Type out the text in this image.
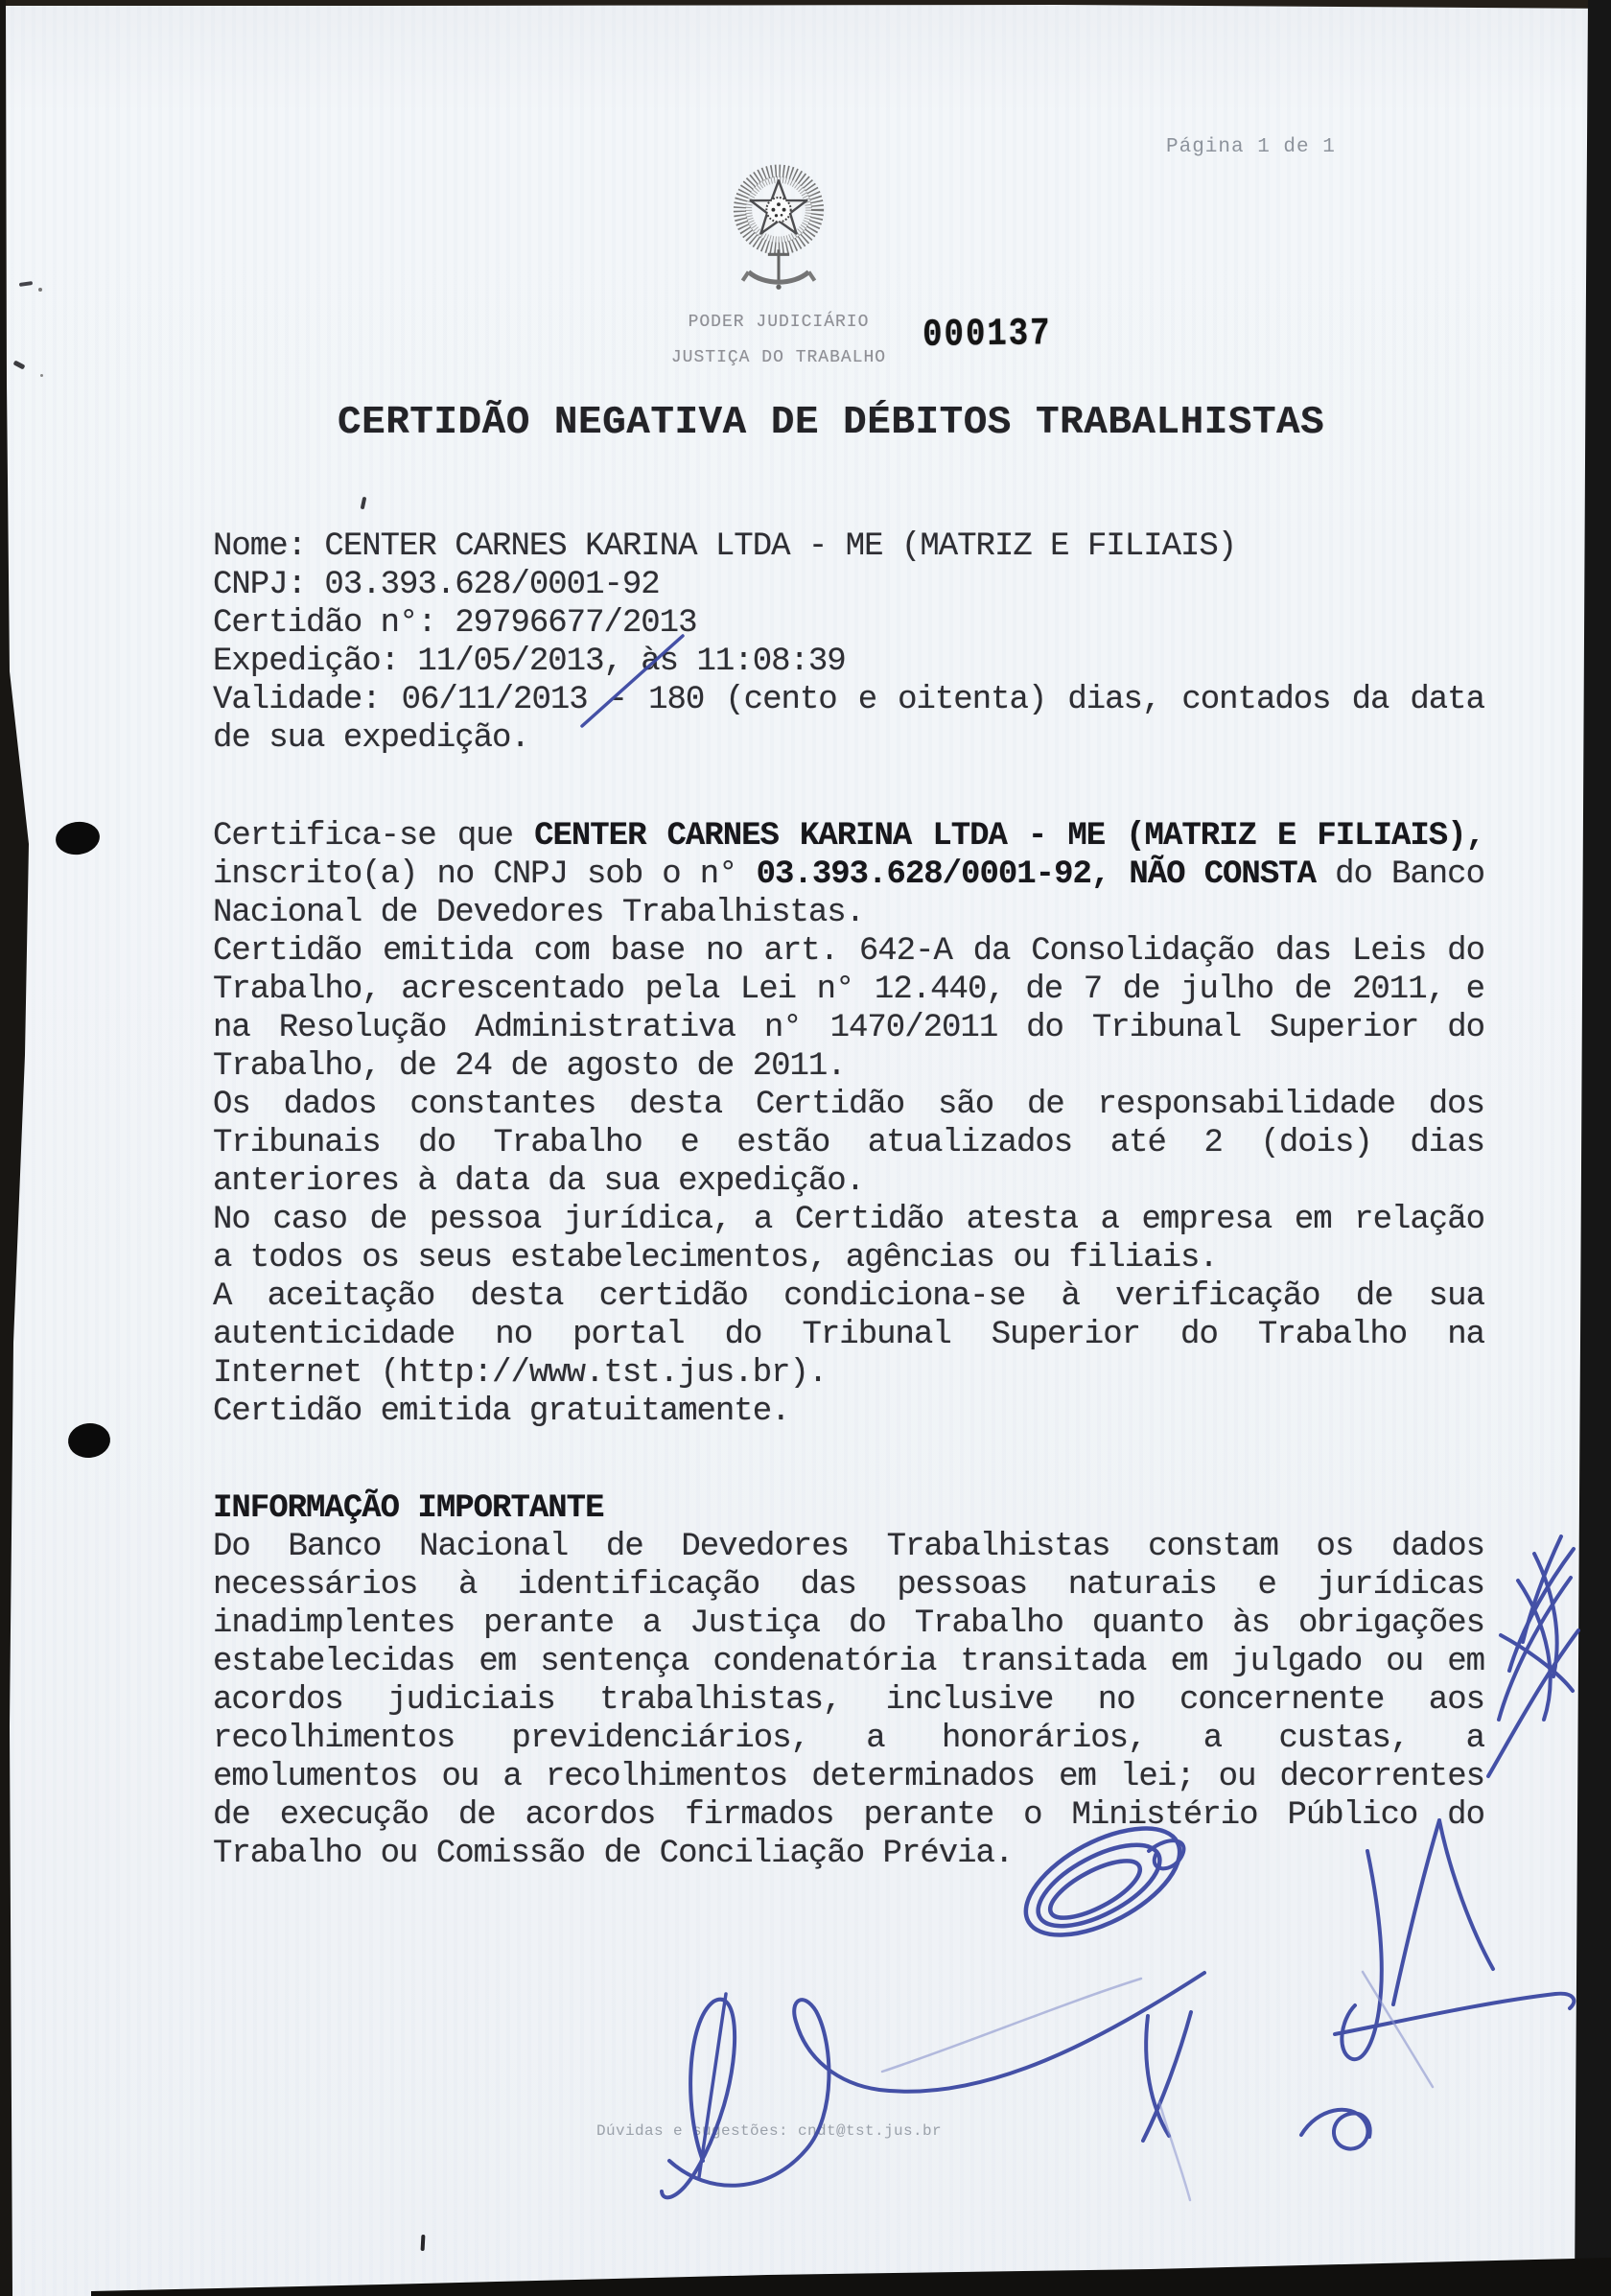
Página 1 de 1
PODER JUDICIÁRIO
JUSTIÇA DO TRABALHO
000137
CERTIDÃO NEGATIVA DE DÉBITOS TRABALHISTAS
Nome: CENTER CARNES KARINA LTDA - ME (MATRIZ E FILIAIS)
CNPJ: 03.393.628/0001-92
Certidão n°: 29796677/2013
Expedição: 11/05/2013, às 11:08:39
Validade: 06/11/2013 - 180 (cento e oitenta) dias, contados da data
de sua expedição.
Certifica-se que CENTER CARNES KARINA LTDA - ME (MATRIZ E FILIAIS),
inscrito(a) no CNPJ sob o n° 03.393.628/0001-92, NÃO CONSTA do Banco
Nacional de Devedores Trabalhistas.
Certidão emitida com base no art. 642-A da Consolidação das Leis do
Trabalho, acrescentado pela Lei n° 12.440, de 7 de julho de 2011, e
na Resolução Administrativa n° 1470/2011 do Tribunal Superior do
Trabalho, de 24 de agosto de 2011.
Os dados constantes desta Certidão são de responsabilidade dos
Tribunais do Trabalho e estão atualizados até 2 (dois) dias
anteriores à data da sua expedição.
No caso de pessoa jurídica, a Certidão atesta a empresa em relação
a todos os seus estabelecimentos, agências ou filiais.
A aceitação desta certidão condiciona-se à verificação de sua
autenticidade no portal do Tribunal Superior do Trabalho na
Internet (http://www.tst.jus.br).
Certidão emitida gratuitamente.
INFORMAÇÃO IMPORTANTE
Do Banco Nacional de Devedores Trabalhistas constam os dados
necessários à identificação das pessoas naturais e jurídicas
inadimplentes perante a Justiça do Trabalho quanto às obrigações
estabelecidas em sentença condenatória transitada em julgado ou em
acordos judiciais trabalhistas, inclusive no concernente aos
recolhimentos previdenciários, a honorários, a custas, a
emolumentos ou a recolhimentos determinados em lei; ou decorrentes
de execução de acordos firmados perante o Ministério Público do
Trabalho ou Comissão de Conciliação Prévia.
Dúvidas e sugestões: cndt@tst.jus.br
